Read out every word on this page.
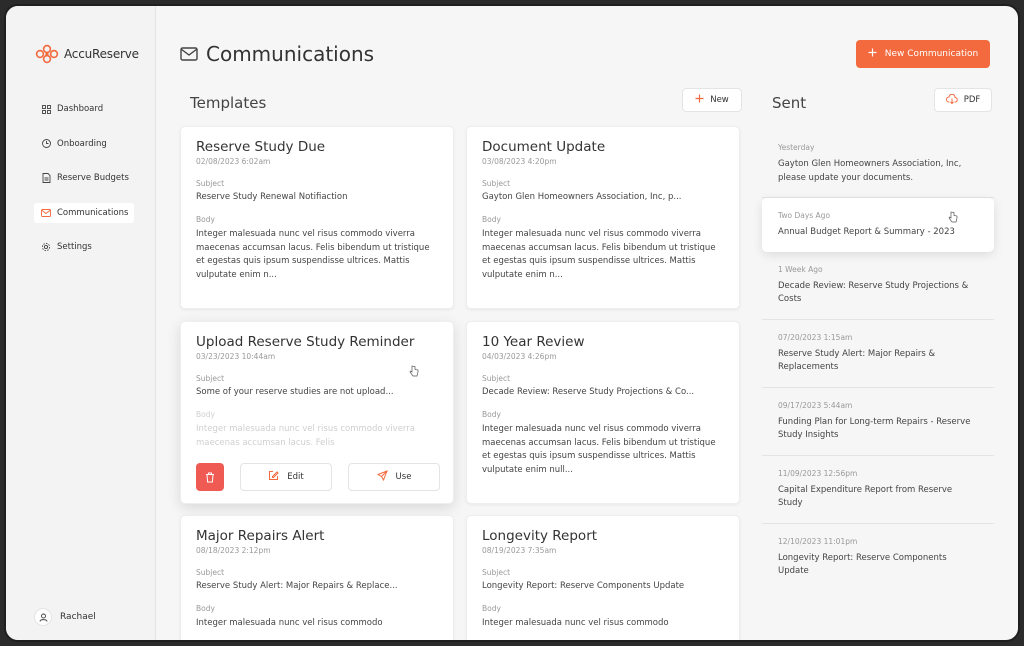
AccuReserve
Dashboard
Onboarding
Reserve Budgets
Communications
Settings
Rachael
Communications	New Communication
Templates	New
Reserve Study Due
02/08/2023 6:02am
Subject
Reserve Study Renewal Notifiaction
Body
Integer malesuada nunc vel risus commodo viverra maecenas accumsan lacus. Felis bibendum ut tristique et egestas quis ipsum suspendisse ultrices. Mattis vulputate enim n...
Document Update
03/08/2023 4:20pm
Subject
Gayton Glen Homeowners Association, Inc, p...
Body
Integer malesuada nunc vel risus commodo viverra maecenas accumsan lacus. Felis bibendum ut tristique et egestas quis ipsum suspendisse ultrices. Mattis vulputate enim n...
Upload Reserve Study Reminder
03/23/2023 10:44am
Subject
Some of your reserve studies are not upload...
Body
Integer malesuada nunc vel risus commodo viverra maecenas accumsan lacus. Felis
Edit	Use
10 Year Review
04/03/2023 4:26pm
Subject
Decade Review: Reserve Study Projections & Co...
Body
Integer malesuada nunc vel risus commodo viverra maecenas accumsan lacus. Felis bibendum ut tristique et egestas quis ipsum suspendisse ultrices. Mattis vulputate enim null...
Major Repairs Alert
08/18/2023 2:12pm
Subject
Reserve Study Alert: Major Repairs & Replace...
Body
Integer malesuada nunc vel risus commodo
Longevity Report
08/19/2023 7:35am
Subject
Longevity Report: Reserve Components Update
Body
Integer malesuada nunc vel risus commodo
Sent	PDF
Yesterday
Gayton Glen Homeowners Association, Inc, please update your documents.
Two Days Ago
Annual Budget Report & Summary - 2023
1 Week Ago
Decade Review: Reserve Study Projections & Costs
07/20/2023 1:15am
Reserve Study Alert: Major Repairs & Replacements
09/17/2023 5:44am
Funding Plan for Long-term Repairs - Reserve Study Insights
11/09/2023 12:56pm
Capital Expenditure Report from Reserve Study
12/10/2023 11:01pm
Longevity Report: Reserve Components Update
